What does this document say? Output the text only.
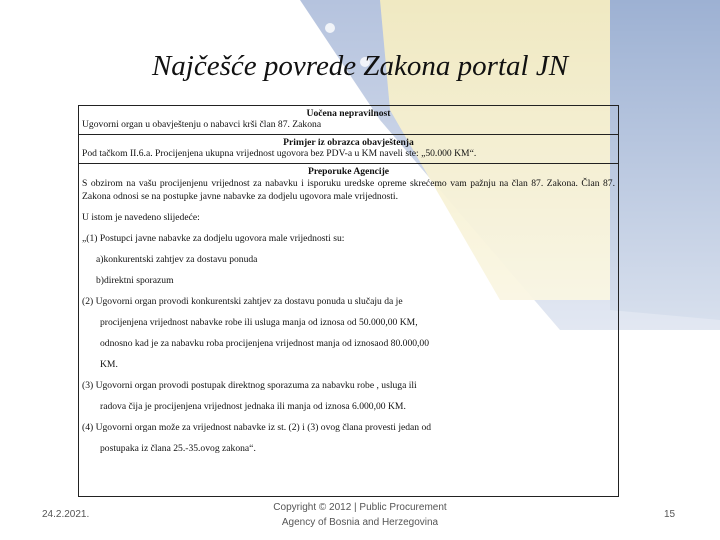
Najčešće povrede Zakona portal JN
Uočena nepravilnost
Ugovorni organ u obavještenju o nabavci krši član 87. Zakona
Primjer iz obrazca obavještenja
Pod tačkom II.6.a. Procijenjena ukupna vrijednost ugovora bez PDV-a u KM naveli ste: „50.000 KM“.
Preporuke Agencije
S obzirom na vašu procijenjenu vrijednost za nabavku i isporuku uredske opreme skrećemo vam pažnju na član 87. Zakona. Član 87. Zakona odnosi se na postupke javne nabavke za dodjelu ugovora male vrijednosti.
U istom je navedeno slijedeće:
„(1) Postupci javne nabavke za dodjelu ugovora male vrijednosti su:
a)konkurentski zahtjev za dostavu ponuda
b)direktni sporazum
(2) Ugovorni organ provodi konkurentski zahtjev za dostavu ponuda u slučaju da je
procijenjena vrijednost nabavke robe ili usluga manja od iznosa od 50.000,00 KM,
odnosno kad je za nabavku roba procijenjena vrijednost manja od iznosaod 80.000,00
KM.
(3) Ugovorni organ provodi postupak direktnog sporazuma za nabavku robe , usluga ili
radova čija je procijenjena vrijednost jednaka ili manja od iznosa 6.000,00 KM.
(4) Ugovorni organ može za vrijednost nabavke iz st. (2) i (3) ovog člana provesti jedan od
postupaka iz člana 25.-35.ovog zakona“.
24.2.2021.
Copyright © 2012 | Public Procurement
Agency of Bosnia and Herzegovina
15
